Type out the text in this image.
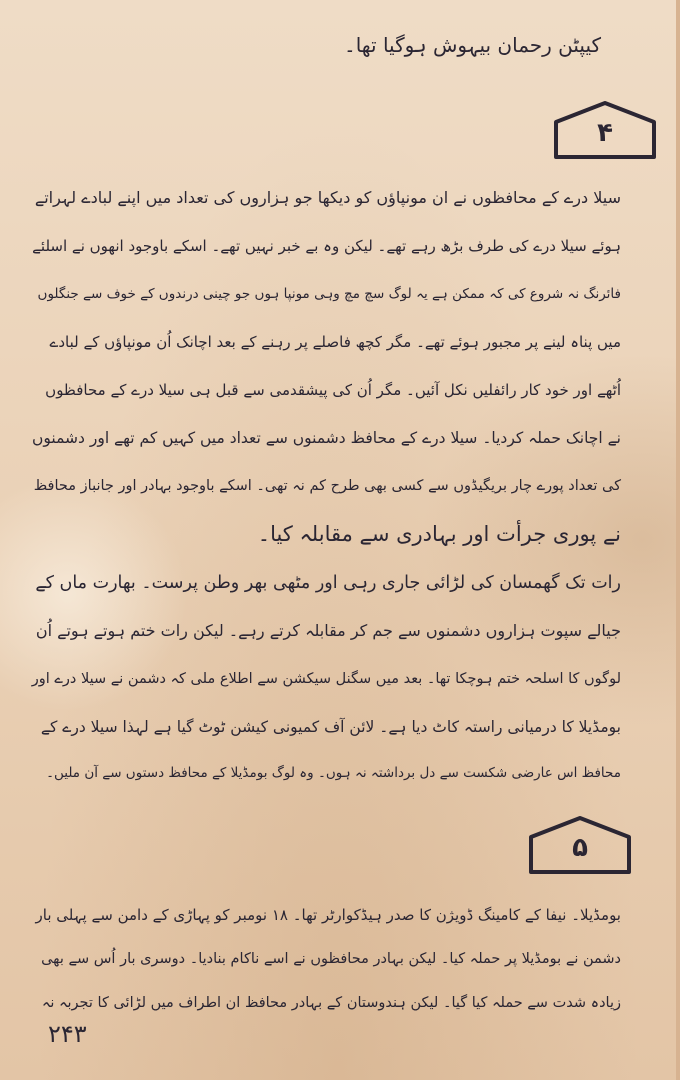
کیپٹن رحمان بیہوش ہوگیا تھا۔
۴
سیلا درے کے محافظوں نے ان مونپاؤں کو دیکھا جو ہزاروں کی تعداد میں اپنے لبادے لہراتے
ہوئے سیلا درے کی طرف بڑھ رہے تھے۔ لیکن وہ بے خبر نہیں تھے۔ اسکے باوجود انھوں نے اسلئے
فائرنگ نہ شروع کی کہ ممکن ہے یہ لوگ سچ مچ وہی مونپا ہوں جو چینی درندوں کے خوف سے جنگلوں
میں پناہ لینے پر مجبور ہوئے تھے۔ مگر کچھ فاصلے پر رہنے کے بعد اچانک اُن مونپاؤں کے لبادے
اُٹھے اور خود کار رائفلیں نکل آئیں۔ مگر اُن کی پیشقدمی سے قبل ہی سیلا درے کے محافظوں
نے اچانک حملہ کردیا۔ سیلا درے کے محافظ دشمنوں سے تعداد میں کہیں کم تھے اور دشمنوں
کی تعداد پورے چار بریگیڈوں سے کسی بھی طرح کم نہ تھی۔ اسکے باوجود بہادر اور جانباز محافظ
نے پوری جرأت اور بہادری سے مقابلہ کیا۔
رات تک گھمسان کی لڑائی جاری رہی اور مٹھی بھر وطن پرست۔ بھارت ماں کے
جیالے سپوت ہزاروں دشمنوں سے جم کر مقابلہ کرتے رہے۔ لیکن رات ختم ہوتے ہوتے اُن
لوگوں کا اسلحہ ختم ہوچکا تھا۔ بعد میں سگنل سیکشن سے اطلاع ملی کہ دشمن نے سیلا درے اور
بومڈیلا کا درمیانی راستہ کاٹ دیا ہے۔ لائن آف کمیونی کیشن ٹوٹ گیا ہے لہذا سیلا درے کے
محافظ اس عارضی شکست سے دل برداشتہ نہ ہوں۔ وہ لوگ بومڈیلا کے محافظ دستوں سے آن ملیں۔
۵
بومڈیلا۔ نیفا کے کامینگ ڈویژن کا صدر ہیڈکوارٹر تھا۔ ۱۸ نومبر کو پہاڑی کے دامن سے پہلی بار
دشمن نے بومڈیلا پر حملہ کیا۔ لیکن بہادر محافظوں نے اسے ناکام بنادیا۔ دوسری بار اُس سے بھی
زیادہ شدت سے حملہ کیا گیا۔ لیکن ہندوستان کے بہادر محافظ ان اطراف میں لڑائی کا تجربہ نہ
۲۴۳
